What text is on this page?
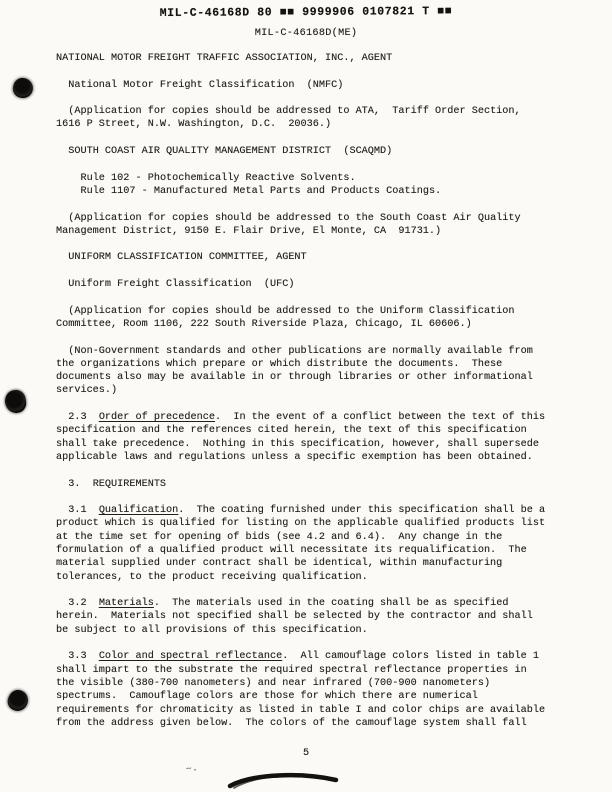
MIL-C-46168D 80 ■■ 9999906 0107821 T ■■
MIL-C-46168D(ME)

NATIONAL MOTOR FREIGHT TRAFFIC ASSOCIATION, INC., AGENT

National Motor Freight Classification  (NMFC)

(Application for copies should be addressed to ATA,  Tariff Order Section,
1616 P Street, N.W. Washington, D.C.  20036.)

SOUTH COAST AIR QUALITY MANAGEMENT DISTRICT  (SCAQMD)

Rule 102 - Photochemically Reactive Solvents.
Rule 1107 - Manufactured Metal Parts and Products Coatings.

(Application for copies should be addressed to the South Coast Air Quality
Management District, 9150 E. Flair Drive, El Monte, CA  91731.)

UNIFORM CLASSIFICATION COMMITTEE, AGENT

Uniform Freight Classification  (UFC)

(Application for copies should be addressed to the Uniform Classification
Committee, Room 1106, 222 South Riverside Plaza, Chicago, IL 60606.)

(Non-Government standards and other publications are normally available from
the organizations which prepare or which distribute the documents.  These
documents also may be available in or through libraries or other informational
services.)

2.3  Order of precedence.  In the event of a conflict between the text of this
specification and the references cited herein, the text of this specification
shall take precedence.  Nothing in this specification, however, shall supersede
applicable laws and regulations unless a specific exemption has been obtained.

3.  REQUIREMENTS

3.1  Qualification.  The coating furnished under this specification shall be a
product which is qualified for listing on the applicable qualified products list
at the time set for opening of bids (see 4.2 and 6.4).  Any change in the
formulation of a qualified product will necessitate its requalification.  The
material supplied under contract shall be identical, within manufacturing
tolerances, to the product receiving qualification.

3.2  Materials.  The materials used in the coating shall be as specified
herein.  Materials not specified shall be selected by the contractor and shall
be subject to all provisions of this specification.

3.3  Color and spectral reflectance.  All camouflage colors listed in table 1
shall impart to the substrate the required spectral reflectance properties in
the visible (380-700 nanometers) and near infrared (700-900 nanometers)
spectrums.  Camouflage colors are those for which there are numerical
requirements for chromaticity as listed in table I and color chips are available
from the address given below.  The colors of the camouflage system shall fall

5
~.
